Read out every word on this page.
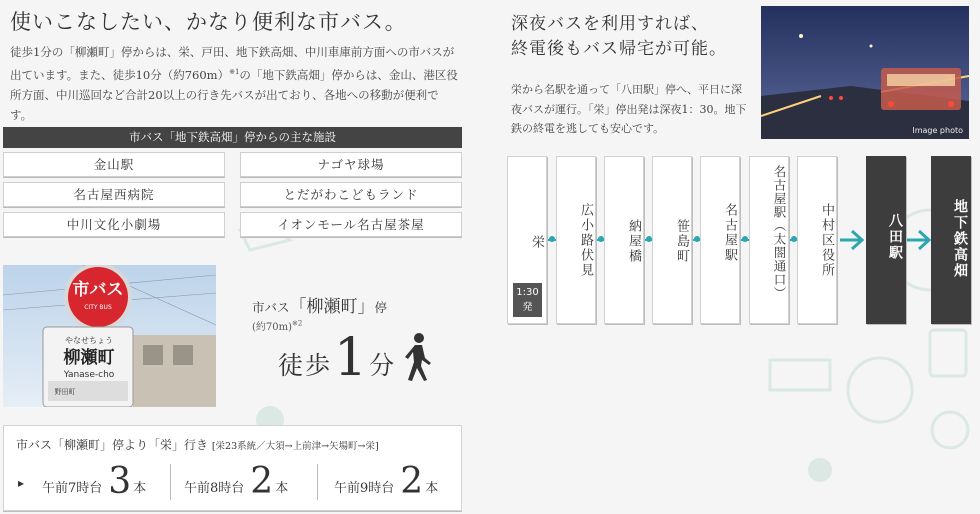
使いこなしたい、かなり便利な市バス。
徒歩1分の「柳瀬町」停からは、栄、戸田、地下鉄高畑、中川車庫前方面への市バスが出ています。また、徒歩10分（約760m）$^{※1}$の「地下鉄高畑」停からは、金山、港区役所方面、中川巡回など合計20以上の行き先バスが出ており、各地への移動が便利です。
市バス「地下鉄高畑」停からの主な施設
金山駅	ナゴヤ球場
名古屋西病院	とだがわこどもランド
中川文化小劇場	イオンモール名古屋茶屋
市バス
CITY BUS
やなせちょう
柳瀬町
Yanase-cho
野田町
市バス「柳瀬町」停
(約70m)$^{※2}$
徒歩 1 分
市バス「柳瀬町」停より「栄」行き [栄23系統／大須→上前津→矢場町→栄]
▸ 午前7時台 3 本	午前8時台 2 本	午前9時台 2 本
深夜バスを利用すれば、
終電後もバス帰宅が可能。
栄から名駅を通って「八田駅」停へ、平日に深夜バスが運行。「栄」停出発は深夜1：30。地下鉄の終電を逃しても安心です。	Image photo
栄
1:30
発
広小路伏見	納屋橋	笹島町	名古屋駅	名古屋駅（太閤通口）	中村区役所	八田駅	地下鉄高畑
